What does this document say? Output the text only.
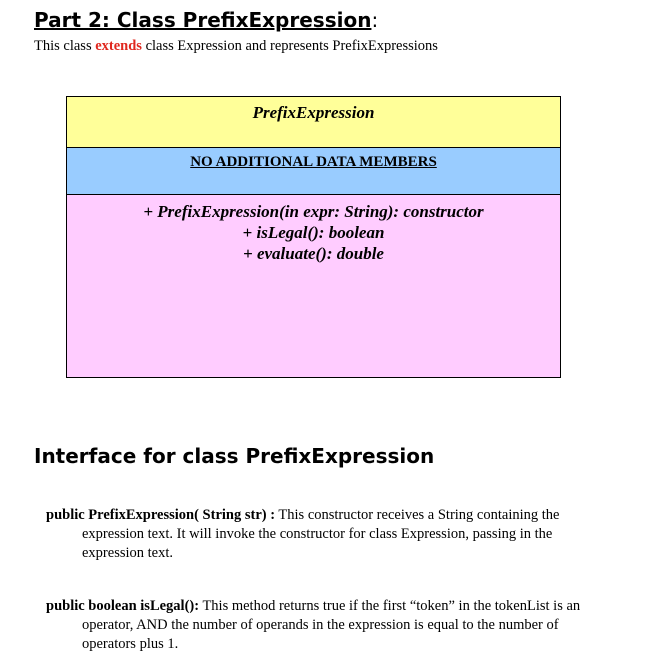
Part 2: Class PrefixExpression:
This class extends class Expression and represents PrefixExpressions
PrefixExpression
NO ADDITIONAL DATA MEMBERS
+ PrefixExpression(in expr: String): constructor
+ isLegal(): boolean
+ evaluate(): double
Interface for class PrefixExpression
public PrefixExpression( String str) : This constructor receives a String containing the expression text. It will invoke the constructor for class Expression, passing in the expression text.
public boolean isLegal(): This method returns true if the first “token” in the tokenList is an operator, AND the number of operands in the expression is equal to the number of operators plus 1.
